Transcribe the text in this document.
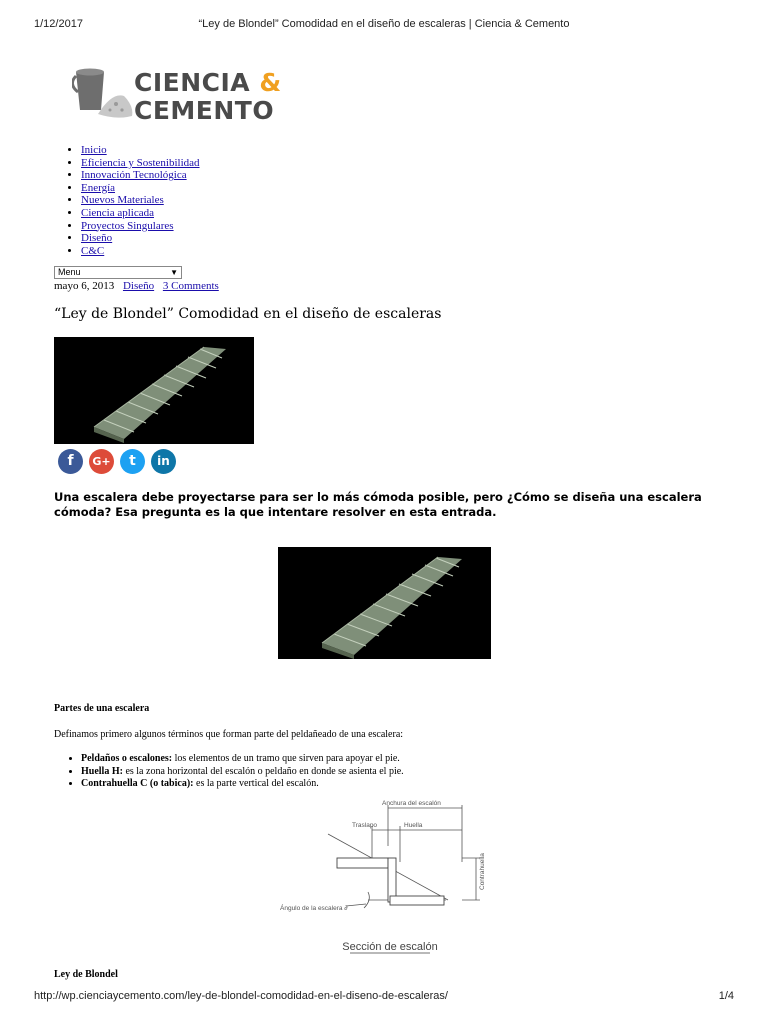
1/12/2017	“Ley de Blondel” Comodidad en el diseño de escaleras | Ciencia & Cemento
CIENCIA &
CEMENTO
• Inicio
• Eficiencia y Sostenibilidad
• Innovación Tecnológica
• Energía
• Nuevos Materiales
• Ciencia aplicada
• Proyectos Singulares
• Diseño
• C&C
Menu	▼
mayo 6, 2013 Diseño 3 Comments
“Ley de Blondel” Comodidad en el diseño de escaleras
f	G+	t	in

Una escalera debe proyectarse para ser lo más cómoda posible, pero ¿Cómo se diseña una escalera cómoda? Esa pregunta es la que intentare resolver en esta entrada.

Partes de una escalera

Definamos primero algunos términos que forman parte del peldañeado de una escalera:

• Peldaños o escalones: los elementos de un tramo que sirven para apoyar el pie.
• Huella H: es la zona horizontal del escalón o peldaño en donde se asienta el pie.
• Contrahuella C (o tabica): es la parte vertical del escalón.
Anchura del escalón
Traslapo	Huella
Ángulo de la escalera ∂
Contrahuella
Sección de escalón
Ley de Blondel
http://wp.cienciaycemento.com/ley-de-blondel-comodidad-en-el-diseno-de-escaleras/	1/4
